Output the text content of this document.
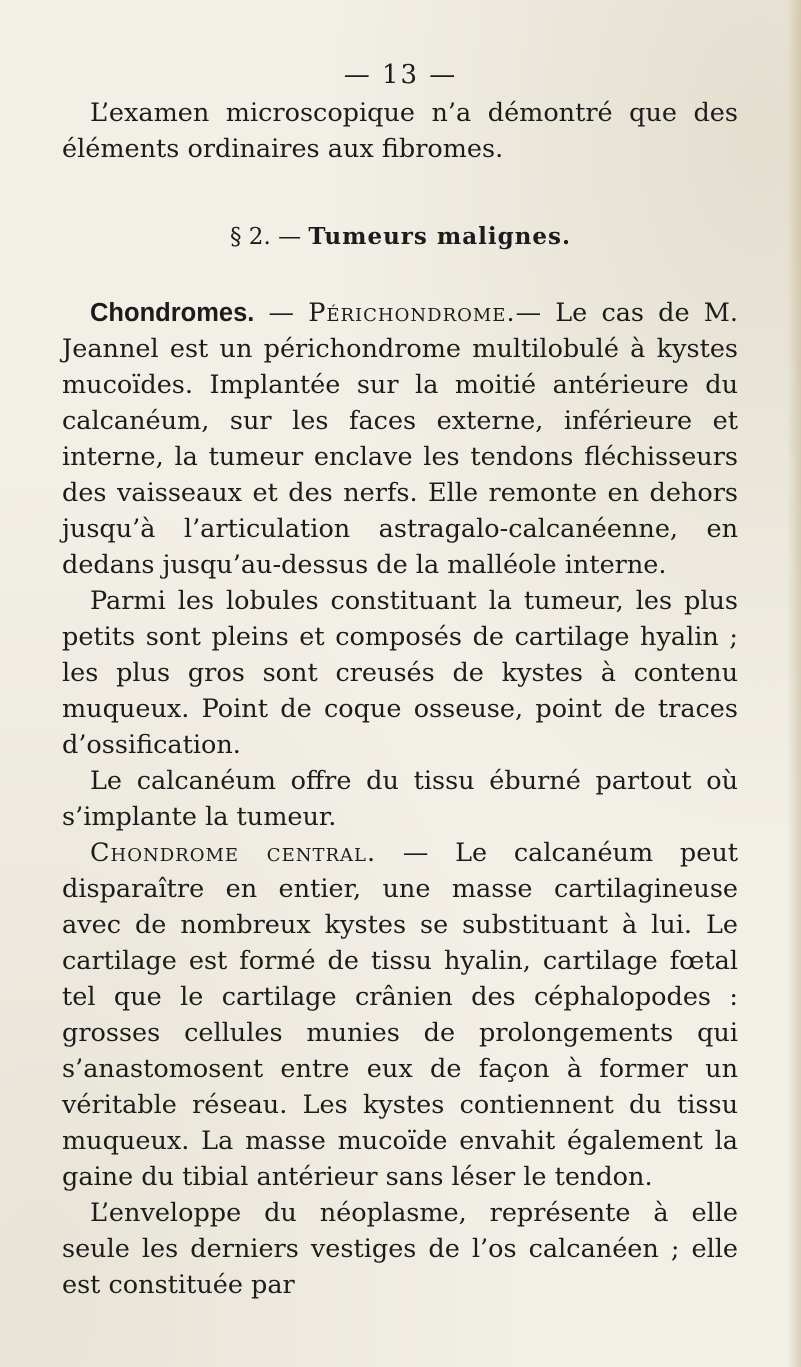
— 13 —

L’examen microscopique n’a démontré que des éléments ordinaires aux fibromes.

§ 2. — Tumeurs malignes.

Chondromes. — Périchondrome.— Le cas de M. Jeannel est un périchondrome multilobulé à kystes mucoïdes. Implantée sur la moitié antérieure du calcanéum, sur les faces externe, inférieure et interne, la tumeur enclave les tendons fléchisseurs des vaisseaux et des nerfs. Elle remonte en dehors jusqu’à l’articulation astragalo-calcanéenne, en dedans jusqu’au-dessus de la malléole interne.

Parmi les lobules constituant la tumeur, les plus petits sont pleins et composés de cartilage hyalin ; les plus gros sont creusés de kystes à contenu muqueux. Point de coque osseuse, point de traces d’ossification.

Le calcanéum offre du tissu éburné partout où s’implante la tumeur.

Chondrome central. — Le calcanéum peut disparaître en entier, une masse cartilagineuse avec de nombreux kystes se substituant à lui. Le cartilage est formé de tissu hyalin, cartilage fœtal tel que le cartilage crânien des céphalopodes : grosses cellules munies de prolongements qui s’anastomosent entre eux de façon à former un véritable réseau. Les kystes contiennent du tissu muqueux. La masse mucoïde envahit également la gaine du tibial antérieur sans léser le tendon.

L’enveloppe du néoplasme, représente à elle seule les derniers vestiges de l’os calcanéen ; elle est constituée par
